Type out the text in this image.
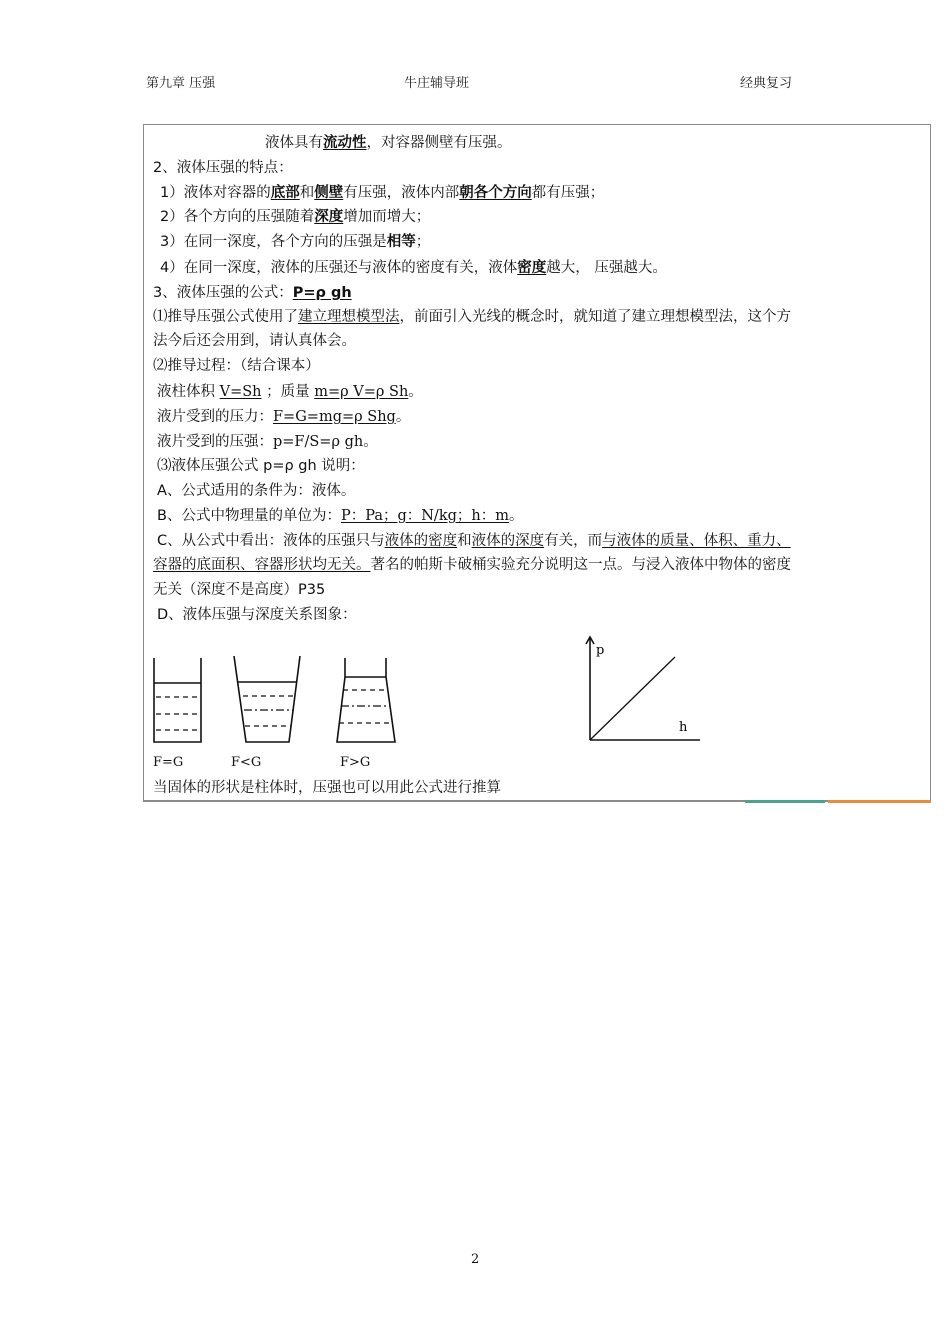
第九章 压强	牛庄辅导班	经典复习
液体具有流动性，对容器侧壁有压强。
2、液体压强的特点：
1）液体对容器的底部和侧壁有压强，液体内部朝各个方向都有压强；
2）各个方向的压强随着深度增加而增大；
3）在同一深度，各个方向的压强是相等；
4）在同一深度，液体的压强还与液体的密度有关，液体密度越大， 压强越大。
3、液体压强的公式：P=ρ gh
⑴推导压强公式使用了建立理想模型法，前面引入光线的概念时，就知道了建立理想模型法，这个方
法今后还会用到，请认真体会。
⑵推导过程：（结合课本）
液柱体积 V=Sh ；质量 m=ρ V=ρ Sh。
液片受到的压力：F=G=mg=ρ Shg。
液片受到的压强：p=F/S=ρ gh。
⑶液体压强公式 p=ρ gh 说明：
A、公式适用的条件为：液体。
B、公式中物理量的单位为：P：Pa；g：N/kg；h：m。
C、从公式中看出：液体的压强只与液体的密度和液体的深度有关，而与液体的质量、体积、重力、
容器的底面积、容器形状均无关。著名的帕斯卡破桶实验充分说明这一点。与浸入液体中物体的密度
无关（深度不是高度）P35
D、液体压强与深度关系图象：
p
h
F=G	F<G	F>G
当固体的形状是柱体时，压强也可以用此公式进行推算
2
